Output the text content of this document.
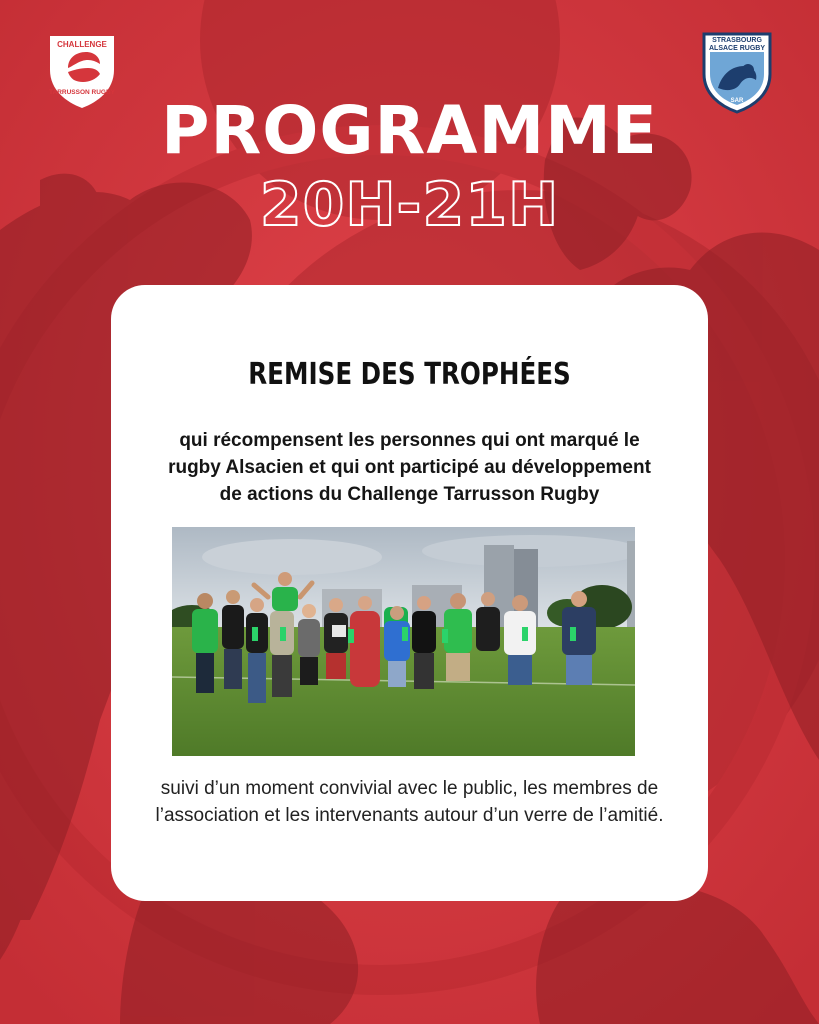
CHALLENGE
TARRUSSON RUGBY
STRASBOURG
ALSACE RUGBY
SAR
PROGRAMME
20H-21H
REMISE DES TROPHÉES
qui récompensent les personnes qui ont marqué le
rugby Alsacien et qui ont participé au développement
de actions du Challenge Tarrusson Rugby
suivi d’un moment convivial avec le public, les membres de
l’association et les intervenants autour d’un verre de l’amitié.
